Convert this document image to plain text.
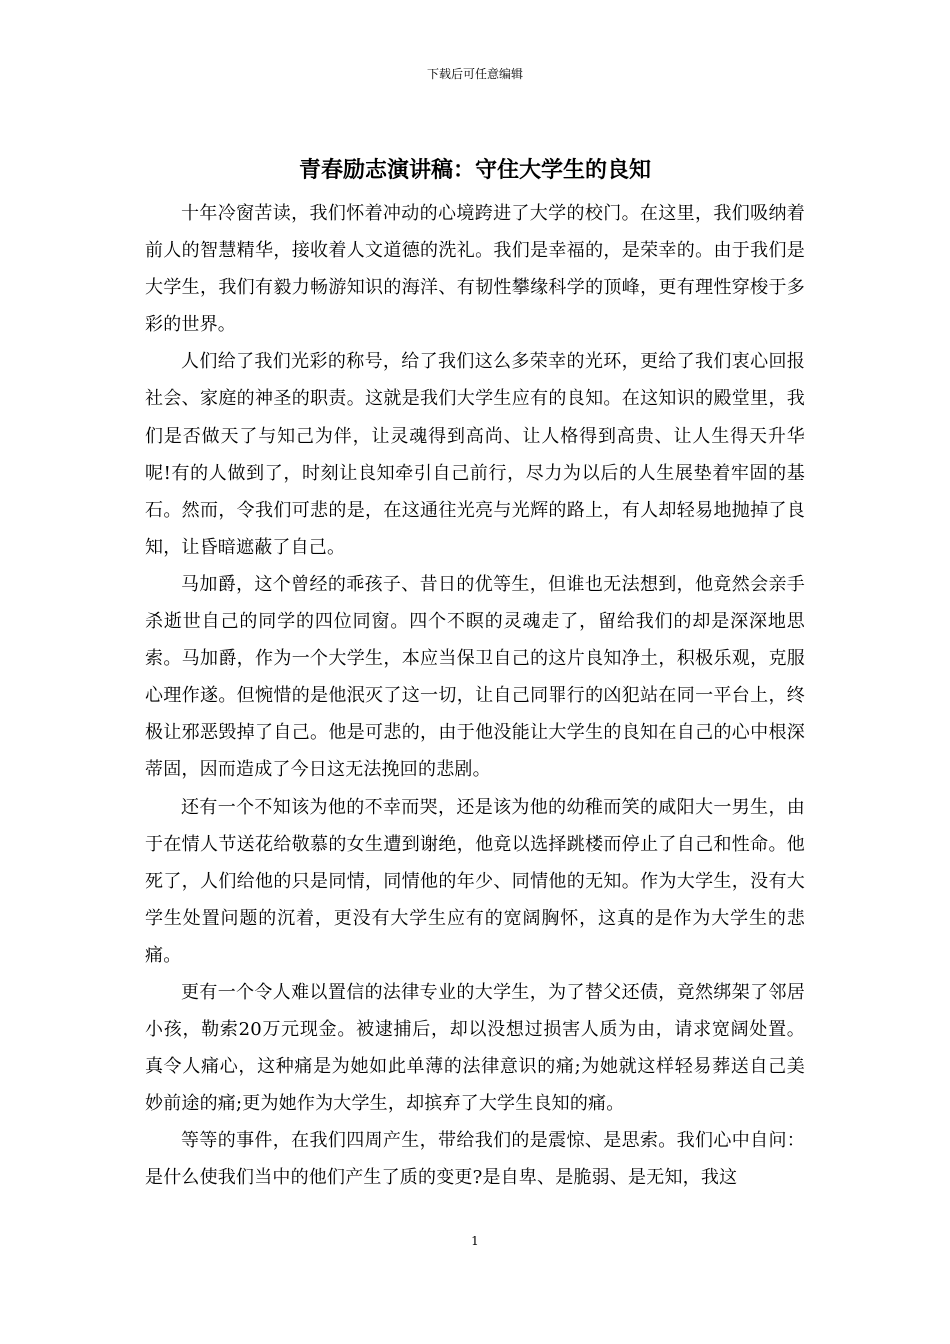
下载后可任意编辑
青春励志演讲稿：守住大学生的良知

十年冷窗苦读，我们怀着冲动的心境跨进了大学的校门。在这里，我们吸纳着前人的智慧精华，接收着人文道德的洗礼。我们是幸福的，是荣幸的。由于我们是大学生，我们有毅力畅游知识的海洋、有韧性攀缘科学的顶峰，更有理性穿梭于多彩的世界。

人们给了我们光彩的称号，给了我们这么多荣幸的光环，更给了我们衷心回报社会、家庭的神圣的职责。这就是我们大学生应有的良知。在这知识的殿堂里，我们是否做天了与知己为伴，让灵魂得到高尚、让人格得到高贵、让人生得天升华呢!有的人做到了，时刻让良知牵引自己前行，尽力为以后的人生展垫着牢固的基石。然而，令我们可悲的是，在这通往光亮与光辉的路上，有人却轻易地抛掉了良知，让昏暗遮蔽了自己。

马加爵，这个曾经的乖孩子、昔日的优等生，但谁也无法想到，他竟然会亲手杀逝世自己的同学的四位同窗。四个不瞑的灵魂走了，留给我们的却是深深地思索。马加爵，作为一个大学生，本应当保卫自己的这片良知净土，积极乐观，克服心理作遂。但惋惜的是他泯灭了这一切，让自己同罪行的凶犯站在同一平台上，终极让邪恶毁掉了自己。他是可悲的，由于他没能让大学生的良知在自己的心中根深蒂固，因而造成了今日这无法挽回的悲剧。

还有一个不知该为他的不幸而哭，还是该为他的幼稚而笑的咸阳大一男生，由于在情人节送花给敬慕的女生遭到谢绝，他竟以选择跳楼而停止了自己和性命。他死了，人们给他的只是同情，同情他的年少、同情他的无知。作为大学生，没有大学生处置问题的沉着，更没有大学生应有的宽阔胸怀，这真的是作为大学生的悲痛。

更有一个令人难以置信的法律专业的大学生，为了替父还债，竟然绑架了邻居小孩，勒索20万元现金。被逮捕后，却以没想过损害人质为由，请求宽阔处置。真令人痛心，这种痛是为她如此单薄的法律意识的痛;为她就这样轻易葬送自己美妙前途的痛;更为她作为大学生，却摈弃了大学生良知的痛。

等等的事件，在我们四周产生，带给我们的是震惊、是思索。我们心中自问：是什么使我们当中的他们产生了质的变更?是自卑、是脆弱、是无知，我这

1
